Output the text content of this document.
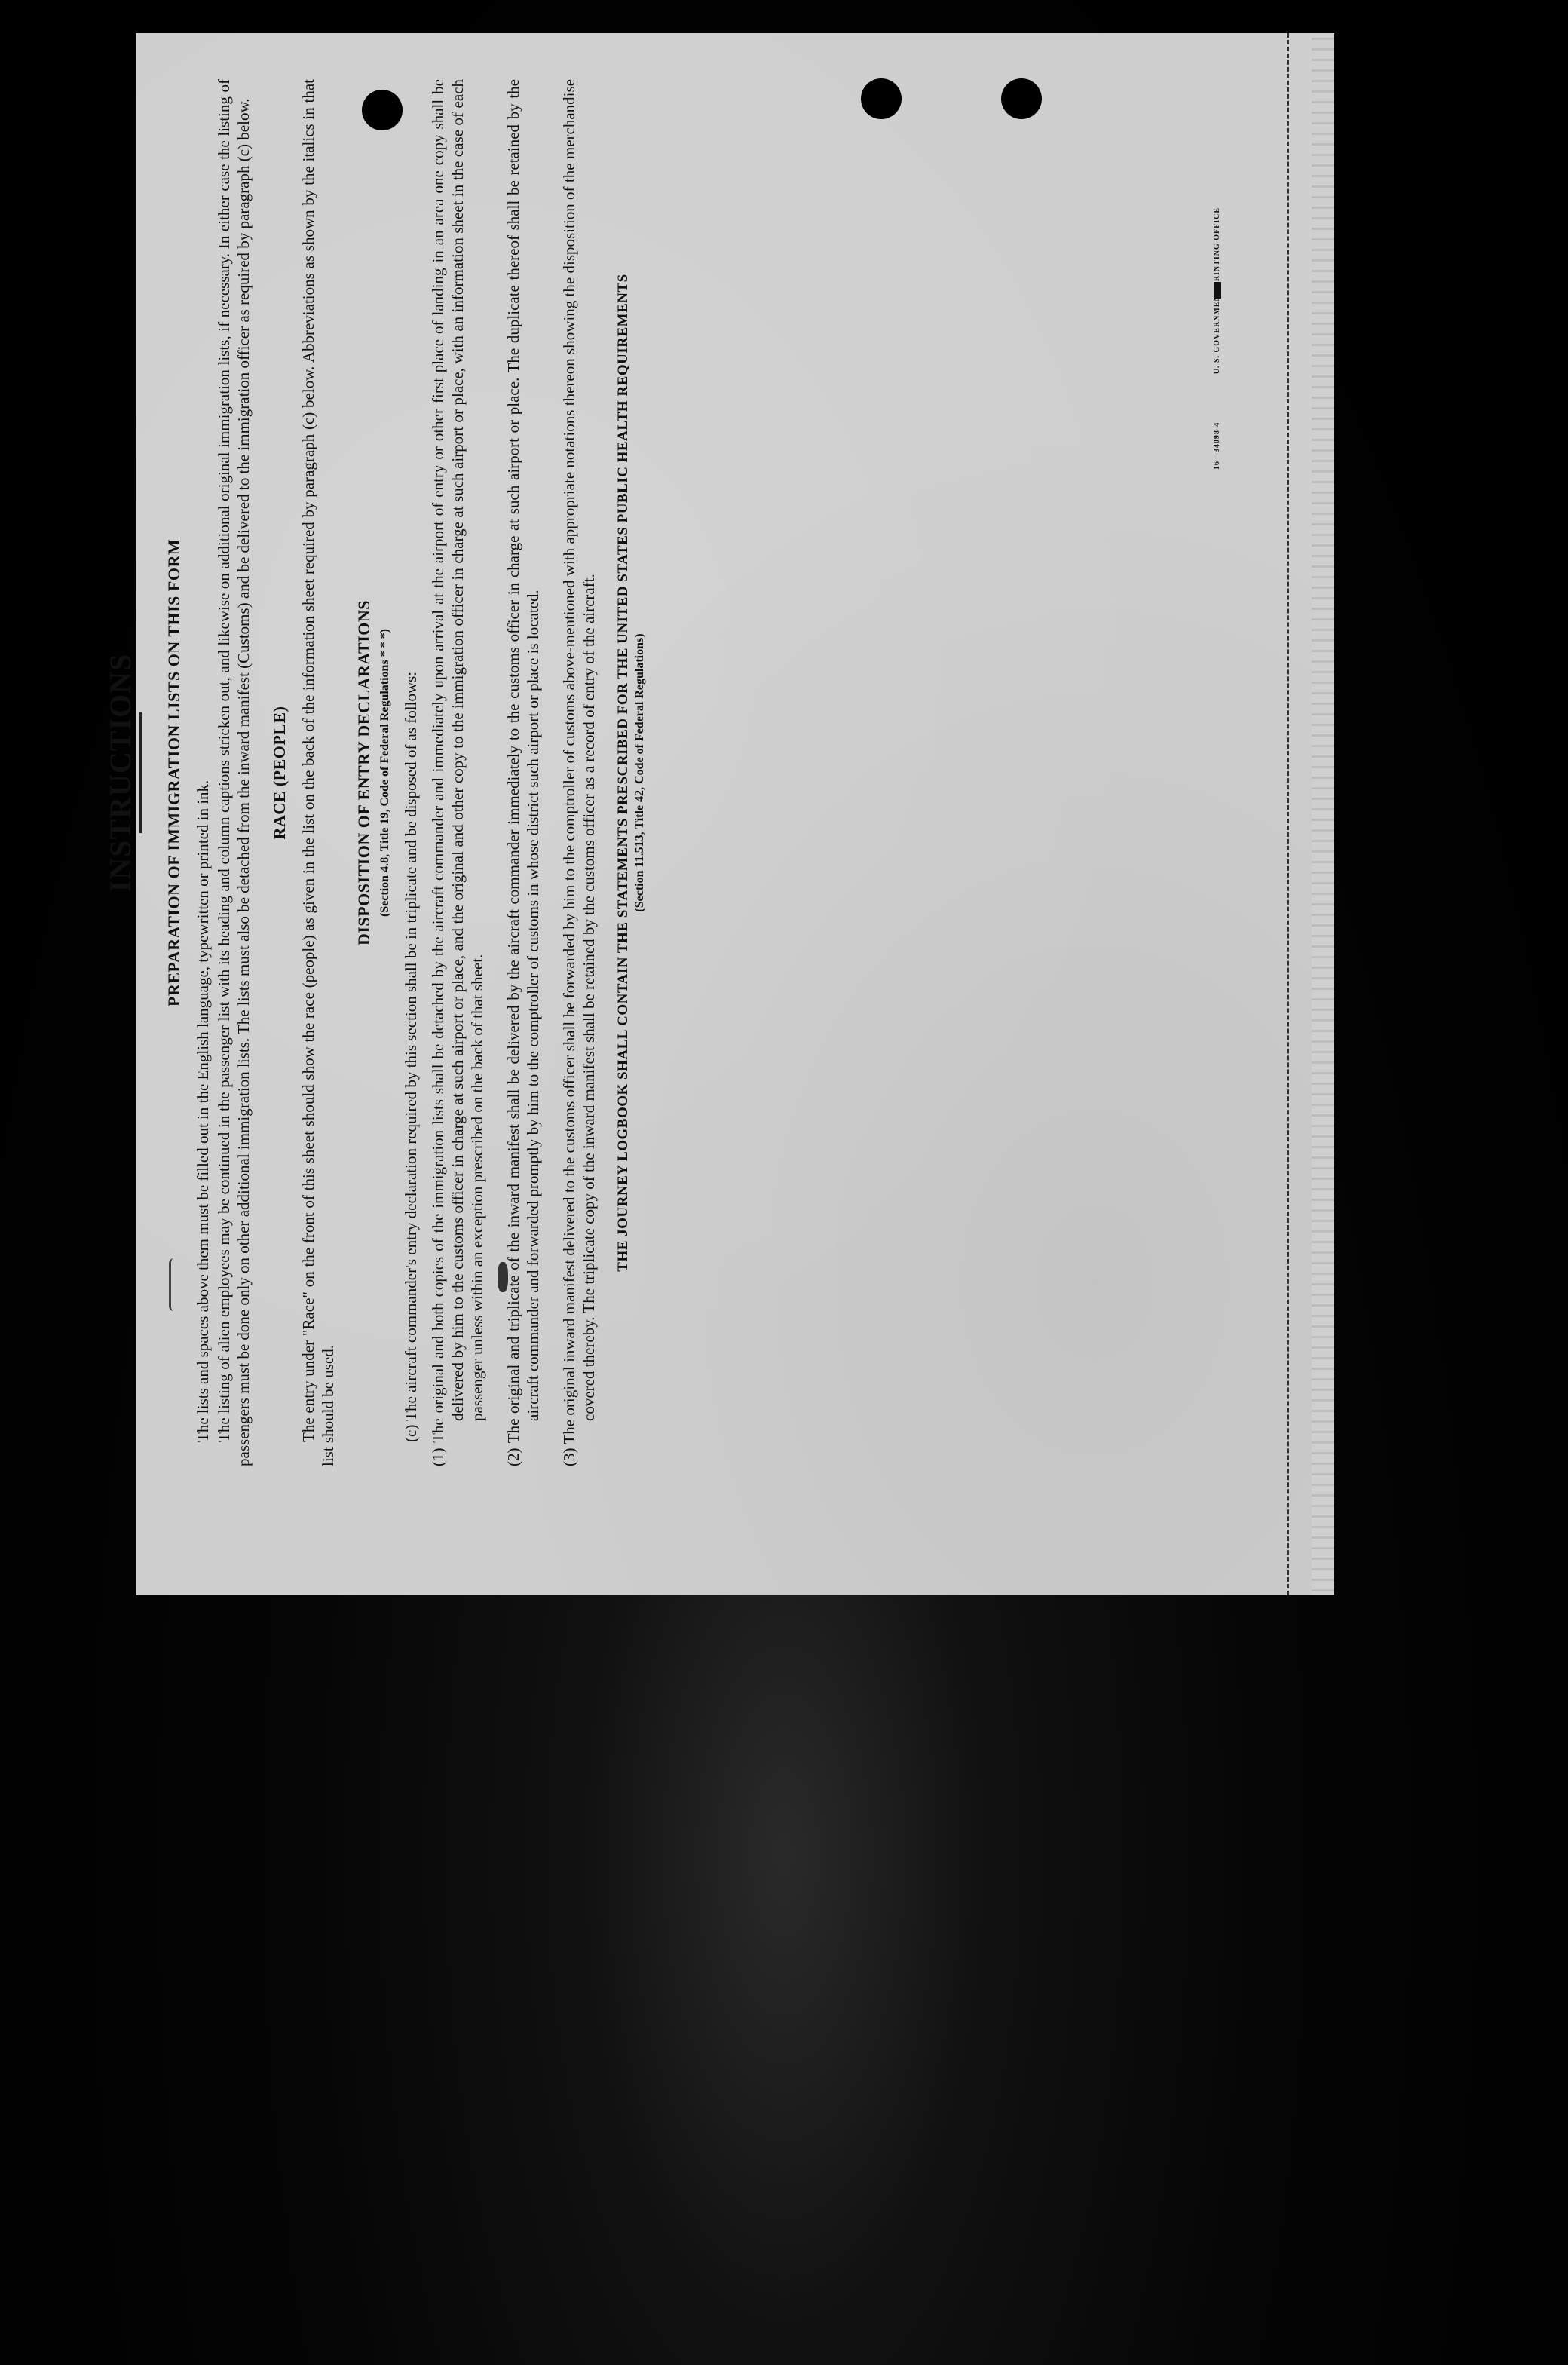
INSTRUCTIONS PREPARATION OF IMMIGRATION LISTS ON THIS FORM

The lists and spaces above them must be filled out in the English language, typewritten or printed in ink. The listing of alien employees may be continued in the passenger list with its heading and column captions stricken out, and likewise on additional original immigration lists, if necessary. In either case the listing of passengers must be done only on other additional immigration lists. The lists must also be detached from the inward manifest (Customs) and be delivered to the immigration officer as required by paragraph (c) below. RACE (PEOPLE) The entry under "Race" on the front of this sheet should show the race (people) as given in the list on the back of the information sheet required by paragraph (c) below. Abbreviations as shown by the italics in that list should be used.

DISPOSITION OF ENTRY DECLARATIONS (Section 4.8, Title 19, Code of Federal Regulations * * *) (c) The aircraft commander's entry declaration required by this section shall be in triplicate and be disposed of as follows: (1) The original and both copies of the immigration lists shall be detached by the aircraft commander and immediately upon arrival at the airport of entry or other first place of landing in an area one copy shall be delivered by him to the customs officer in charge at such airport or place, and the original and other copy to the immigration officer in charge at such airport or place, with an information sheet in the case of each passenger unless within an exception prescribed on the back of that sheet. (2) The original and triplicate of the inward manifest shall be delivered by the aircraft commander immediately to the customs officer in charge at such airport or place. The duplicate thereof shall be retained by the aircraft commander and forwarded promptly by him to the comptroller of customs in whose district such airport or place is located. (3) The original inward manifest delivered to the customs officer shall be forwarded by him to the comptroller of customs above-mentioned with appropriate notations thereon showing the disposition of the merchandise covered thereby. The triplicate copy of the inward manifest shall be retained by the customs officer as a record of entry of the aircraft. THE JOURNEY LOGBOOK SHALL CONTAIN THE STATEMENTS PRESCRIBED FOR THE UNITED STATES PUBLIC HEALTH REQUIREMENTS (Section 11.513, Title 42, Code of Federal Regulations)
16—34098-4 U. S. GOVERNMENT PRINTING OFFICE
